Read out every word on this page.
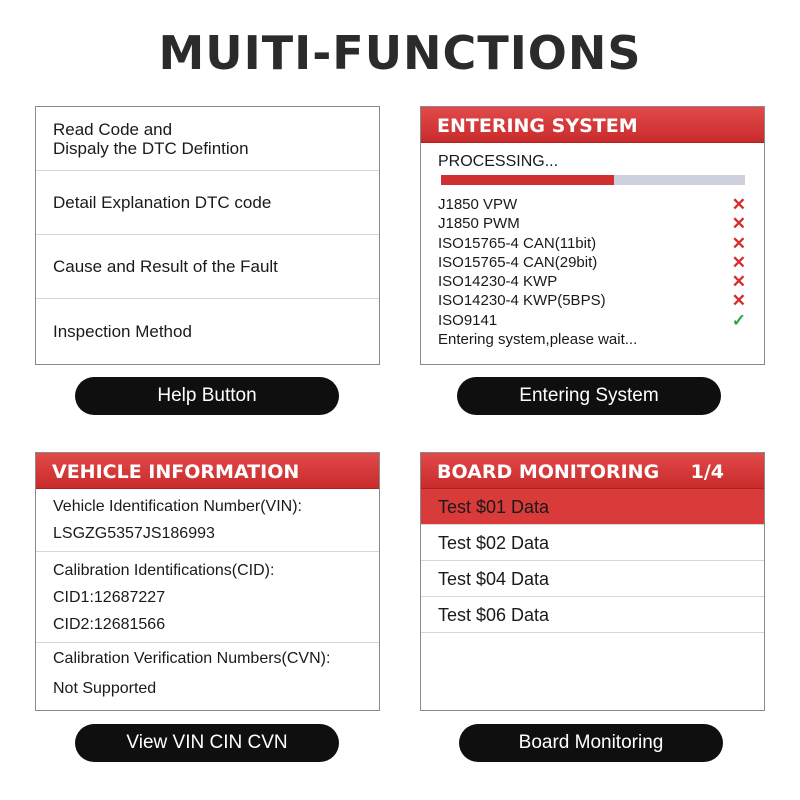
MUITI-FUNCTIONS
Read Code and
Dispaly the DTC Defintion
Detail Explanation DTC code
Cause and Result of the Fault
Inspection Method
Help Button
ENTERING SYSTEM
PROCESSING...
J1850 VPW	✕
J1850 PWM	✕
ISO15765-4 CAN(11bit)	✕
ISO15765-4 CAN(29bit)	✕
ISO14230-4 KWP	✕
ISO14230-4 KWP(5BPS)	✕
ISO9141	✓
Entering system,please wait...
Entering System
VEHICLE INFORMATION
Vehicle Identification Number(VIN):
LSGZG5357JS186993
Calibration Identifications(CID):
CID1:12687227
CID2:12681566
Calibration Verification Numbers(CVN):
Not Supported
View VIN CIN CVN
BOARD MONITORING 1/4
Test $01 Data
Test $02 Data
Test $04 Data
Test $06 Data
Board Monitoring
